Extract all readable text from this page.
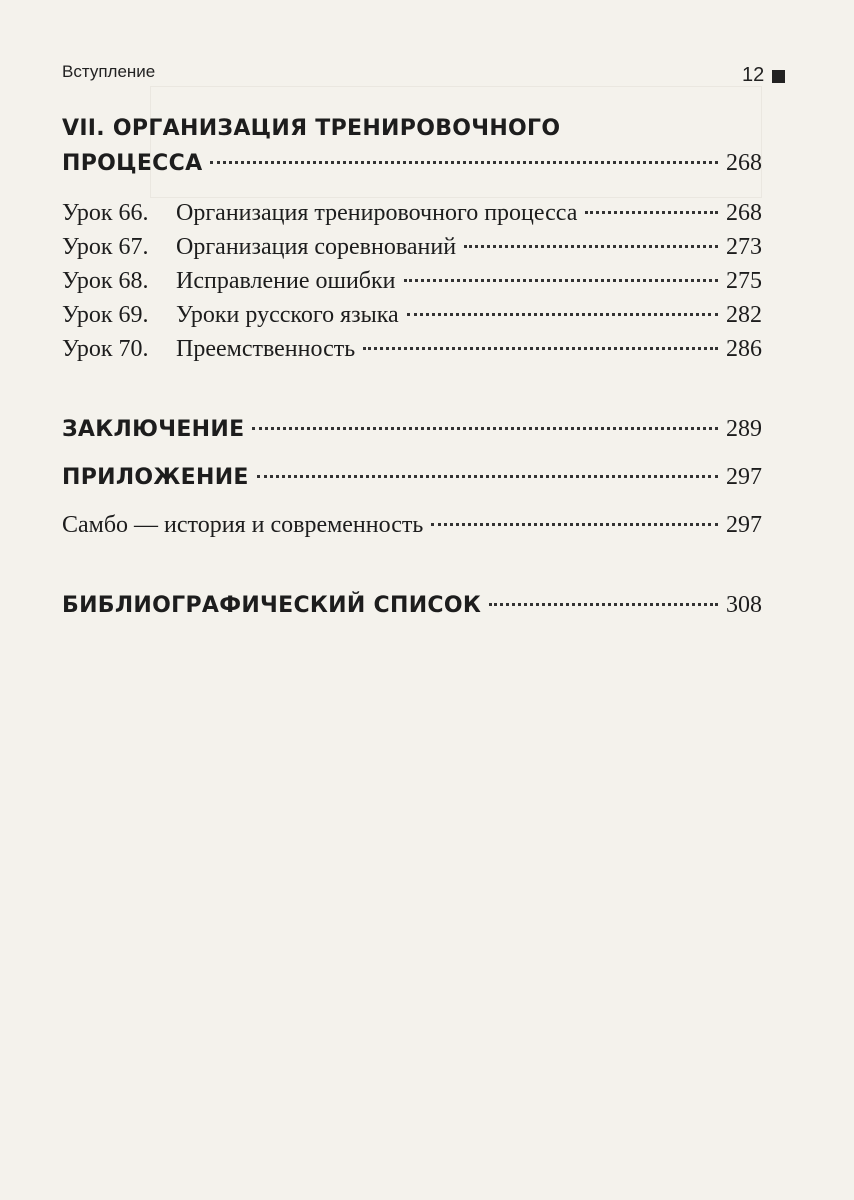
Вступление	12
VII. ОРГАНИЗАЦИЯ ТРЕНИРОВОЧНОГО
ПРОЦЕССА	268
Урок 66.	Организация тренировочного процесса	268
Урок 67.	Организация соревнований	273
Урок 68.	Исправление ошибки	275
Урок 69.	Уроки русского языка	282
Урок 70.	Преемственность	286
ЗАКЛЮЧЕНИЕ	289
ПРИЛОЖЕНИЕ	297
Самбо — история и современность	297
БИБЛИОГРАФИЧЕСКИЙ СПИСОК	308
